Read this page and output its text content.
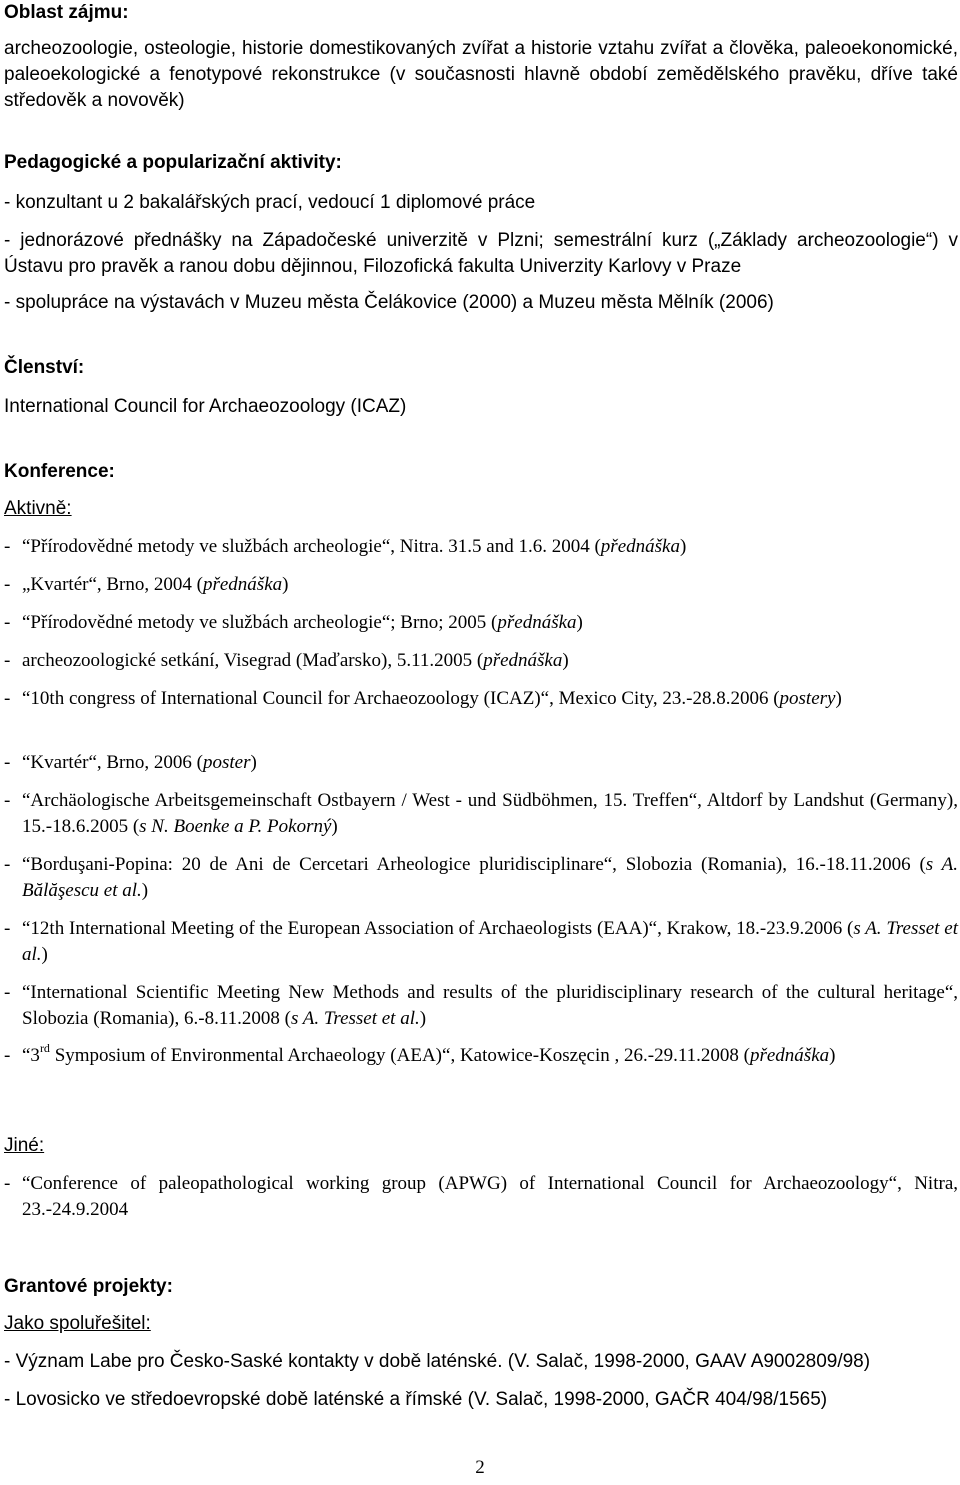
Oblast zájmu:
archeozoologie, osteologie, historie domestikovaných zvířat a historie vztahu zvířat a člověka, paleoekonomické, paleoekologické a fenotypové rekonstrukce (v současnosti hlavně období zemědělského pravěku, dříve také středověk a novověk)
Pedagogické a popularizační aktivity:
- konzultant u 2 bakalářských prací, vedoucí 1 diplomové práce
- jednorázové přednášky na Západočeské univerzitě v Plzni; semestrální kurz („Základy archeozoologie“) v Ústavu pro pravěk a ranou dobu dějinnou, Filozofická fakulta Univerzity Karlovy v Praze
- spolupráce na výstavách v Muzeu města Čelákovice (2000) a Muzeu města Mělník (2006)
Členství:
International Council for Archaeozoology (ICAZ)
Konference:
Aktivně:
- “Přírodovědné metody ve službách archeologie“, Nitra. 31.5 and 1.6. 2004 (přednáška)
- „Kvartér“, Brno, 2004 (přednáška)
- “Přírodovědné metody ve službách archeologie“; Brno; 2005 (přednáška)
- archeozoologické setkání, Visegrad (Maďarsko), 5.11.2005 (přednáška)
- “10th congress of International Council for Archaeozoology (ICAZ)“, Mexico City, 23.-28.8.2006 (postery)
- “Kvartér“, Brno, 2006 (poster)
- “Archäologische Arbeitsgemeinschaft Ostbayern / West - und Südböhmen, 15. Treffen“, Altdorf by Landshut (Germany), 15.-18.6.2005 (s N. Boenke a P. Pokorný)
- “Borduşani-Popina: 20 de Ani de Cercetari Arheologice pluridisciplinare“, Slobozia (Romania), 16.-18.11.2006 (s A. Bălăşescu et al.)
- “12th International Meeting of the European Association of Archaeologists (EAA)“, Krakow, 18.-23.9.2006 (s A. Tresset et al.)
- “International Scientific Meeting New Methods and results of the pluridisciplinary research of the cultural heritage“, Slobozia (Romania), 6.-8.11.2008 (s A. Tresset et al.)
- “3rd Symposium of Environmental Archaeology (AEA)“, Katowice-Koszęcin , 26.-29.11.2008 (přednáška)
Jiné:
- “Conference of paleopathological working group (APWG) of International Council for Archaeozoology“, Nitra, 23.-24.9.2004
Grantové projekty:
Jako spoluřešitel:
- Význam Labe pro Česko-Saské kontakty v době laténské. (V. Salač, 1998-2000, GAAV A9002809/98)
- Lovosicko ve středoevropské době laténské a římské (V. Salač, 1998-2000, GAČR 404/98/1565)
2
